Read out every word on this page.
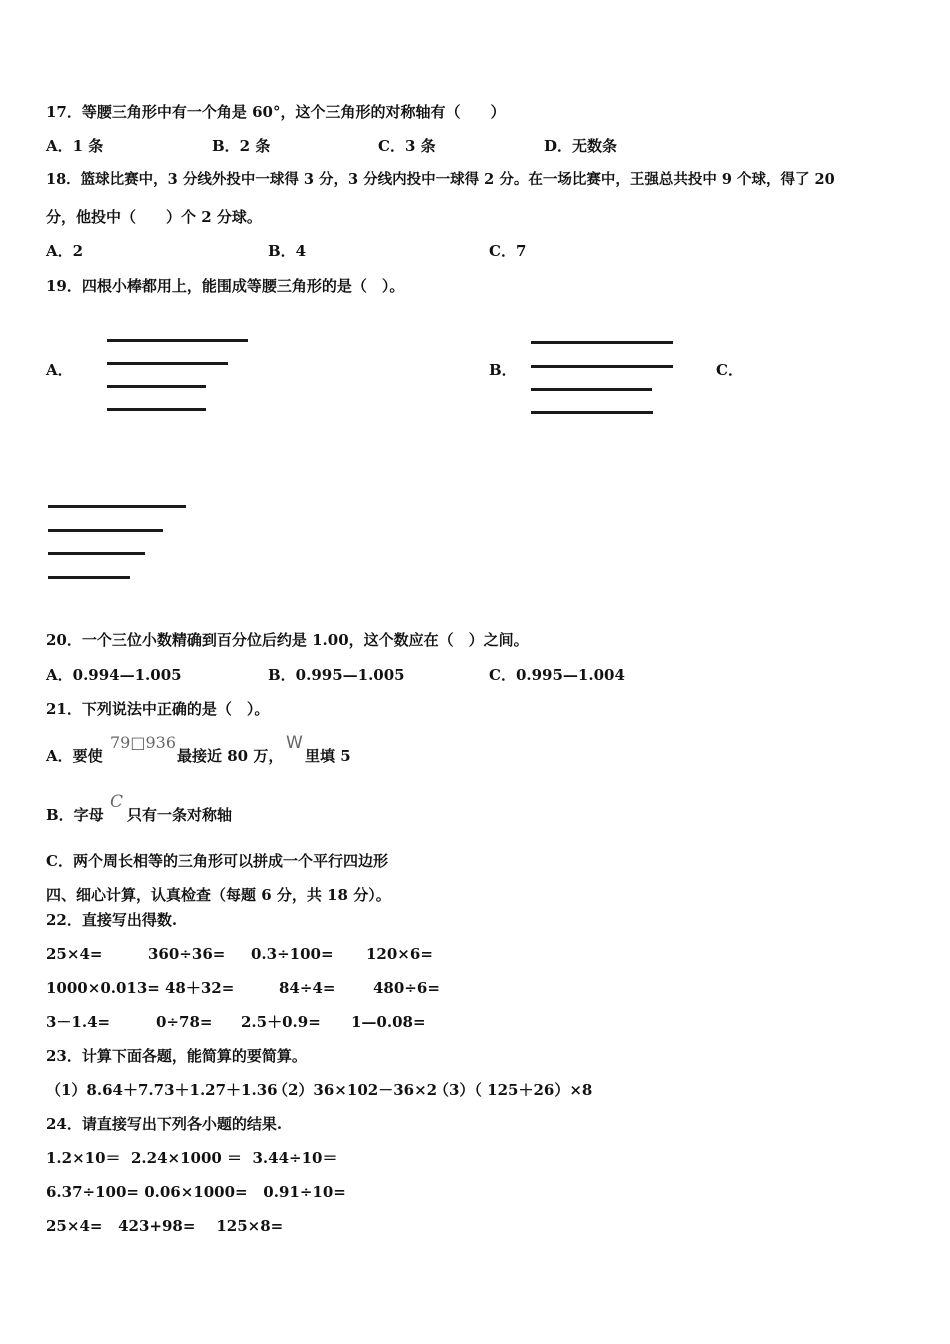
17．等腰三角形中有一个角是 60°，这个三角形的对称轴有（　　）
A．1 条	B．2 条	C．3 条	D．无数条
18．篮球比赛中，3 分线外投中一球得 3 分，3 分线内投中一球得 2 分。在一场比赛中，王强总共投中 9 个球，得了 20
分，他投中（　　）个 2 分球。
A．2	B．4	C．7
19．四根小棒都用上，能围成等腰三角形的是（　）。
A．	B．	C．
20．一个三位小数精确到百分位后约是 1.00，这个数应在（　）之间。
A．0.994—1.005	B．0.995—1.005	C．0.995—1.004
21．下列说法中正确的是（　）。
A．要使
79□936
最接近 80 万，
W
里填 5
B．字母
C
只有一条对称轴
C．两个周长相等的三角形可以拼成一个平行四边形
四、细心计算，认真检查（每题 6 分，共 18 分）。
22．直接写出得数.
25×4=	360÷36= 0.3÷100= 120×6=
1000×0.013= 48＋32=	84÷4=	480÷6=
3－1.4=	0÷78= 2.5＋0.9= 1—0.08=
23．计算下面各题，能简算的要简算。
（1）8.64＋7.73＋1.27＋1.36
（2）36×102－36×2
（3）（ 125＋26）×8
24．请直接写出下列各小题的结果.
1.2×10＝  2.24×1000 ＝  3.44÷10＝
6.37÷100= 0.06×1000=   0.91÷10=
25×4=   423+98=    125×8=
